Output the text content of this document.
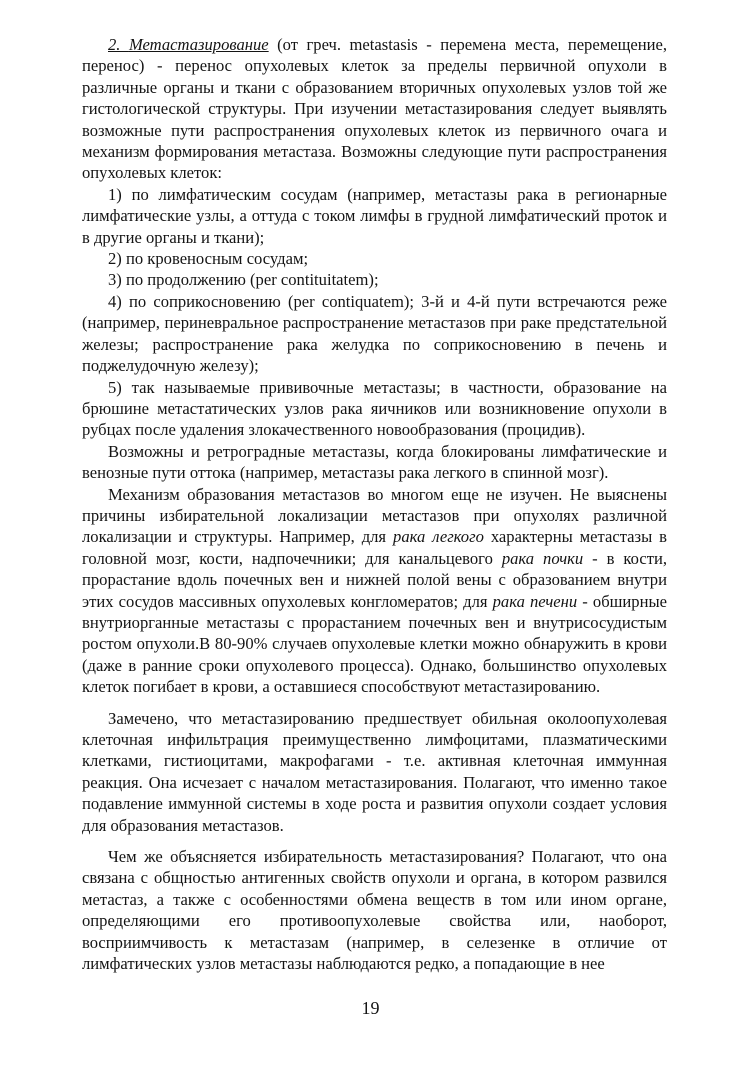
2. Метастазирование (от греч. metastasis - перемена места, перемещение, перенос) - перенос опухолевых клеток за пределы первичной опухоли в различные органы и ткани с образованием вторичных опухолевых узлов той же гистологической структуры. При изучении метастазирования следует выявлять возможные пути распространения опухолевых клеток из первичного очага и механизм формирования метастаза. Возможны следующие пути распространения опухолевых клеток:

1) по лимфатическим сосудам (например, метастазы рака в регионарные лимфатические узлы, а оттуда с током лимфы в грудной лимфатический проток и в другие органы и ткани);

2) по кровеносным сосудам;

3) по продолжению (per contituitatem);

4) по соприкосновению (per contiquatem); 3-й и 4-й пути встречаются реже (например, периневральное распространение метастазов при раке предстательной железы; распространение рака желудка по соприкосновению в печень и поджелудочную железу);

5) так называемые прививочные метастазы; в частности, образование на брюшине метастатических узлов рака яичников или возникновение опухоли в рубцах после удаления злокачественного новообразования (процидив).

Возможны и ретроградные метастазы, когда блокированы лимфатические и венозные пути оттока (например, метастазы рака легкого в спинной мозг).

Механизм образования метастазов во многом еще не изучен. Не выяснены причины избирательной локализации метастазов при опухолях различной локализации и структуры. Например, для рака легкого характерны метастазы в головной мозг, кости, надпочечники; для канальцевого рака почки - в кости, прорастание вдоль почечных вен и нижней полой вены с образованием внутри этих сосудов массивных опухолевых конгломератов; для рака печени - обширные внутриорганные метастазы с прорастанием почечных вен и внутрисосудистым ростом опухоли.В 80-90% случаев опухолевые клетки можно обнаружить в крови (даже в ранние сроки опухолевого процесса). Однако, большинство опухолевых клеток погибает в крови, а оставшиеся способствуют метастазированию.

Замечено, что метастазированию предшествует обильная околоопухолевая клеточная инфильтрация преимущественно лимфоцитами, плазматическими клетками, гистиоцитами, макрофагами - т.е. активная клеточная иммунная реакция. Она исчезает с началом метастазирования. Полагают, что именно такое подавление иммунной системы в ходе роста и развития опухоли создает условия для образования метастазов.

Чем же объясняется избирательность метастазирования? Полагают, что она связана с общностью антигенных свойств опухоли и органа, в котором развился метастаз, а также с особенностями обмена веществ в том или ином органе, определяющими его противоопухолевые свойства или, наоборот, восприимчивость к метастазам (например, в селезенке в отличие от лимфатических узлов метастазы наблюдаются редко, а попадающие в нее

19
